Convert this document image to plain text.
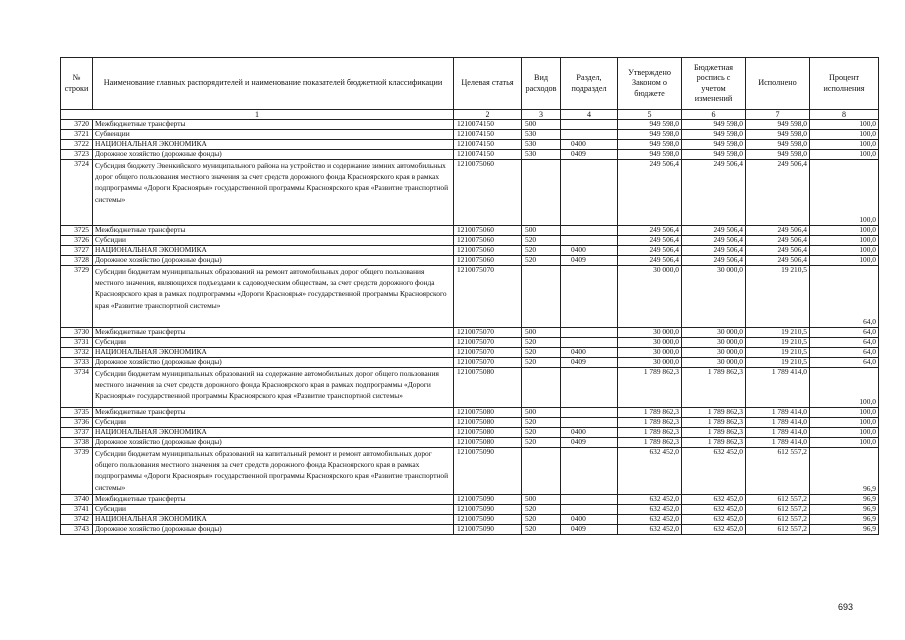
№ строки	Наименование главных распорядителей и наименование показателей бюджетной классификации	Целевая статья	Вид расходов	Раздел, подраздел	Утверждено Законом о бюджете	Бюджетная роспись с учетом изменений	Исполнено	Процент исполнения
1		2	3	4	5	6	7	8
3720	Межбюджетные трансферты	1210074150	500		949 598,0	949 598,0	949 598,0	100,0
3721	Субвенции	1210074150	530		949 598,0	949 598,0	949 598,0	100,0
3722	НАЦИОНАЛЬНАЯ ЭКОНОМИКА	1210074150	530	0400	949 598,0	949 598,0	949 598,0	100,0
3723	Дорожное хозяйство (дорожные фонды)	1210074150	530	0409	949 598,0	949 598,0	949 598,0	100,0
3724	Субсидия бюджету Эвенкийского муниципального района на устройство и содержание зимних автомобильных дорог общего пользования местного значения за счет средств дорожного фонда Красноярского края в рамках подпрограммы «Дороги Красноярья» государственной программы Красноярского края «Развитие транспортной системы»	1210075060			249 506,4	249 506,4	249 506,4	100,0
3725	Межбюджетные трансферты	1210075060	500		249 506,4	249 506,4	249 506,4	100,0
3726	Субсидии	1210075060	520		249 506,4	249 506,4	249 506,4	100,0
3727	НАЦИОНАЛЬНАЯ ЭКОНОМИКА	1210075060	520	0400	249 506,4	249 506,4	249 506,4	100,0
3728	Дорожное хозяйство (дорожные фонды)	1210075060	520	0409	249 506,4	249 506,4	249 506,4	100,0
3729	Субсидии бюджетам муниципальных образований на ремонт автомобильных дорог общего пользования местного значения, являющихся подъездами к садоводческим обществам, за счет средств дорожного фонда Красноярского края в рамках подпрограммы «Дороги Красноярья» государственной программы Красноярского края «Развитие транспортной системы»	1210075070			30 000,0	30 000,0	19 210,5	64,0
3730	Межбюджетные трансферты	1210075070	500		30 000,0	30 000,0	19 210,5	64,0
3731	Субсидии	1210075070	520		30 000,0	30 000,0	19 210,5	64,0
3732	НАЦИОНАЛЬНАЯ ЭКОНОМИКА	1210075070	520	0400	30 000,0	30 000,0	19 210,5	64,0
3733	Дорожное хозяйство (дорожные фонды)	1210075070	520	0409	30 000,0	30 000,0	19 210,5	64,0
3734	Субсидии бюджетам муниципальных образований на содержание автомобильных дорог общего пользования местного значения за счет средств дорожного фонда Красноярского края в рамках подпрограммы «Дороги Красноярья» государственной программы Красноярского края «Развитие транспортной системы»	1210075080			1 789 862,3	1 789 862,3	1 789 414,0	100,0
3735	Межбюджетные трансферты	1210075080	500		1 789 862,3	1 789 862,3	1 789 414,0	100,0
3736	Субсидии	1210075080	520		1 789 862,3	1 789 862,3	1 789 414,0	100,0
3737	НАЦИОНАЛЬНАЯ ЭКОНОМИКА	1210075080	520	0400	1 789 862,3	1 789 862,3	1 789 414,0	100,0
3738	Дорожное хозяйство (дорожные фонды)	1210075080	520	0409	1 789 862,3	1 789 862,3	1 789 414,0	100,0
3739	Субсидии бюджетам муниципальных образований на капитальный ремонт и ремонт автомобильных дорог общего пользования местного значения за счет средств дорожного фонда Красноярского края в рамках подпрограммы «Дороги Красноярья» государственной программы Красноярского края «Развитие транспортной системы»	1210075090			632 452,0	632 452,0	612 557,2	96,9
3740	Межбюджетные трансферты	1210075090	500		632 452,0	632 452,0	612 557,2	96,9
3741	Субсидии	1210075090	520		632 452,0	632 452,0	612 557,2	96,9
3742	НАЦИОНАЛЬНАЯ ЭКОНОМИКА	1210075090	520	0400	632 452,0	632 452,0	612 557,2	96,9
3743	Дорожное хозяйство (дорожные фонды)	1210075090	520	0409	632 452,0	632 452,0	612 557,2	96,9
693
